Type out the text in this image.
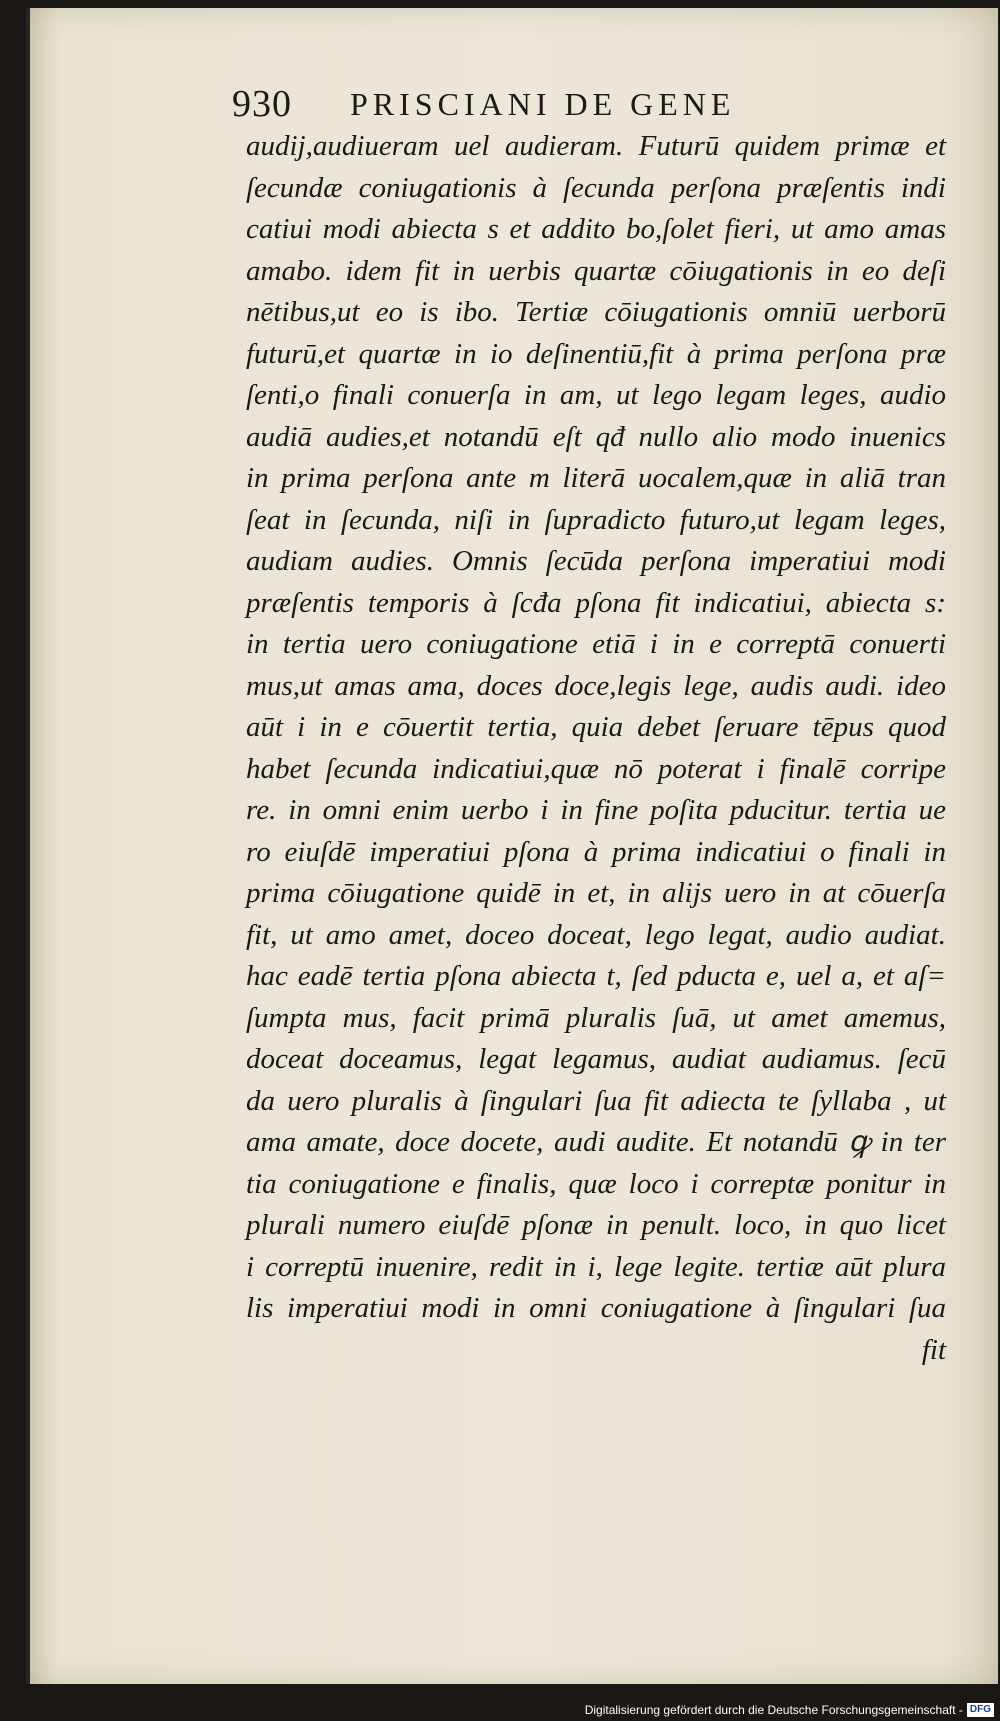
930 PRISCIANI DE GENE
audij,audiueram uel audieram. Futurū quidem primæ et
ſecundæ coniugationis à ſecunda perſona præſentis indi
catiui modi abiecta s et addito bo,ſolet fieri, ut amo amas
amabo. idem fit in uerbis quartæ cōiugationis in eo deſi
nētibus,ut eo is ibo. Tertiæ cōiugationis omniū uerborū
futurū,et quartæ in io deſinentiū,fit à prima perſona præ
ſenti,o finali conuerſa in am, ut lego legam leges, audio
audiā audies,et notandū eſt qđ nullo alio modo inuenics
in prima perſona ante m literā uocalem,quæ in aliā tran
ſeat in ſecunda, niſi in ſupradicto futuro,ut legam leges,
audiam audies. Omnis ſecūda perſona imperatiui modi
præſentis temporis à ſcđa pſona fit indicatiui, abiecta s:
in tertia uero coniugatione etiā i in e correptā conuerti
mus,ut amas ama, doces doce,legis lege, audis audi. ideo
aūt i in e cōuertit tertia, quia debet ſeruare tēpus quod
habet ſecunda indicatiui,quæ nō poterat i finalē corripe
re. in omni enim uerbo i in fine poſita pducitur. tertia ue
ro eiuſdē imperatiui pſona à prima indicatiui o finali in
prima cōiugatione quidē in et, in alijs uero in at cōuerſa
fit, ut amo amet, doceo doceat, lego legat, audio audiat.
hac eadē tertia pſona abiecta t, ſed pducta e, uel a, et aſ=
ſumpta mus, facit primā pluralis ſuā, ut amet amemus,
doceat doceamus, legat legamus, audiat audiamus. ſecū
da uero pluralis à ſingulari ſua fit adiecta te ſyllaba , ut
ama amate, doce docete, audi audite. Et notandū ꝙ in ter
tia coniugatione e finalis, quæ loco i correptæ ponitur in
plurali numero eiuſdē pſonæ in penult. loco, in quo licet
i correptū inuenire, redit in i, lege legite. tertiæ aūt plura
lis imperatiui modi in omni coniugatione à ſingulari ſua
fit
Digitalisierung gefördert durch die Deutsche Forschungsgemeinschaft - DFG
